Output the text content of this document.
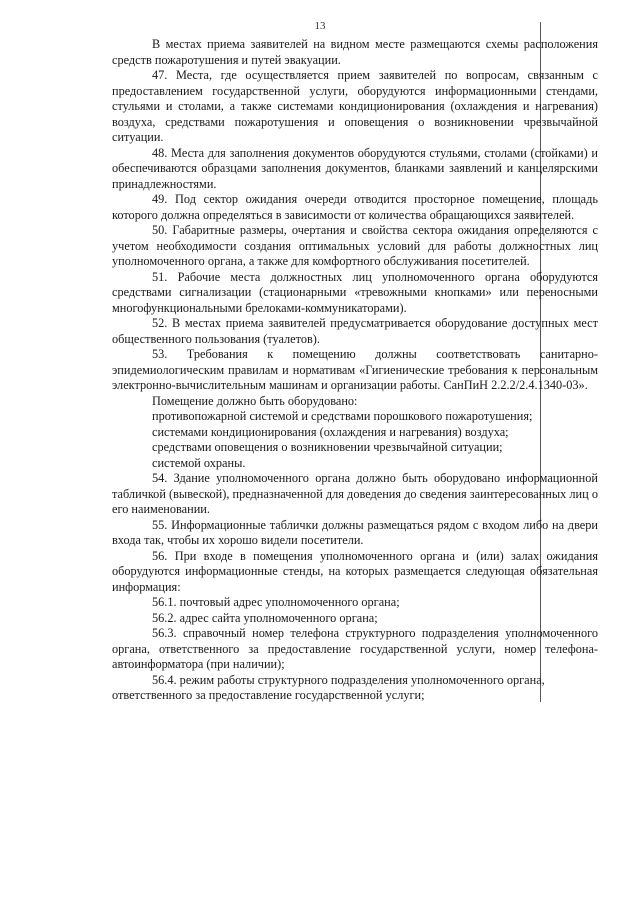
13

В местах приема заявителей на видном месте размещаются схемы расположения средств пожаротушения и путей эвакуации.

47. Места, где осуществляется прием заявителей по вопросам, связанным с предоставлением государственной услуги, оборудуются информационными стендами, стульями и столами, а также системами кондиционирования (охлаждения и нагревания) воздуха, средствами пожаротушения и оповещения о возникновении чрезвычайной ситуации.

48. Места для заполнения документов оборудуются стульями, столами (стойками) и обеспечиваются образцами заполнения документов, бланками заявлений и канцелярскими принадлежностями.

49. Под сектор ожидания очереди отводится просторное помещение, площадь которого должна определяться в зависимости от количества обращающихся заявителей.

50. Габаритные размеры, очертания и свойства сектора ожидания определяются с учетом необходимости создания оптимальных условий для работы должностных лиц уполномоченного органа, а также для комфортного обслуживания посетителей.

51. Рабочие места должностных лиц уполномоченного органа оборудуются средствами сигнализации (стационарными «тревожными кнопками» или переносными многофункциональными брелоками-коммуникаторами).

52. В местах приема заявителей предусматривается оборудование доступных мест общественного пользования (туалетов).

53. Требования к помещению должны соответствовать санитарно-эпидемиологическим правилам и нормативам «Гигиенические требования к персональным электронно-вычислительным машинам и организации работы. СанПиН 2.2.2/2.4.1340-03».

Помещение должно быть оборудовано:

противопожарной системой и средствами порошкового пожаротушения;

системами кондиционирования (охлаждения и нагревания) воздуха;

средствами оповещения о возникновении чрезвычайной ситуации;

системой охраны.

54. Здание уполномоченного органа должно быть оборудовано информационной табличкой (вывеской), предназначенной для доведения до сведения заинтересованных лиц о его наименовании.

55. Информационные таблички должны размещаться рядом с входом либо на двери входа так, чтобы их хорошо видели посетители.

56. При входе в помещения уполномоченного органа и (или) залах ожидания оборудуются информационные стенды, на которых размещается следующая обязательная информация:

56.1. почтовый адрес уполномоченного органа;

56.2. адрес сайта уполномоченного органа;

56.3. справочный номер телефона структурного подразделения уполномоченного органа, ответственного за предоставление государственной услуги, номер телефона-автоинформатора (при наличии);

56.4. режим работы структурного подразделения уполномоченного органа, ответственного за предоставление государственной услуги;
